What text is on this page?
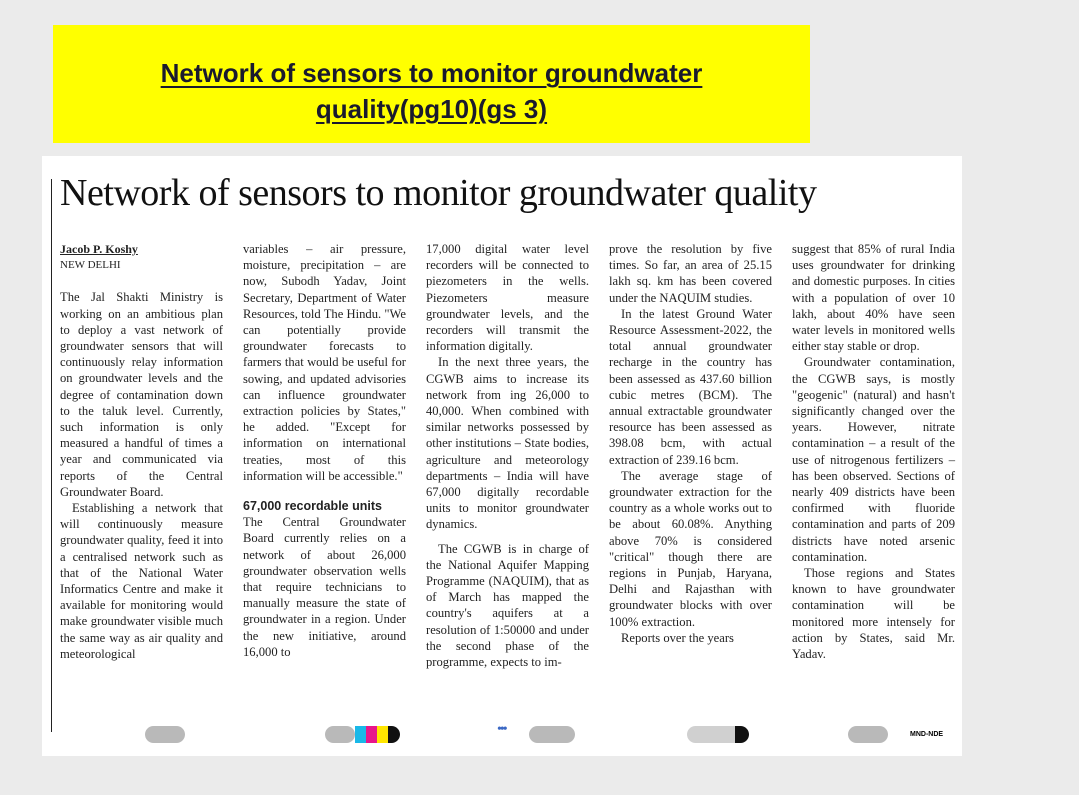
Network of sensors to monitor groundwater
quality(pg10)(gs 3)
Network of sensors to monitor groundwater quality
Jacob P. Koshy
NEW DELHI

The Jal Shakti Ministry is working on an ambitious plan to deploy a vast network of groundwater sensors that will continuously relay information on groundwater levels and the degree of contamination down to the taluk level. Currently, such information is only measured a handful of times a year and communicated via reports of the Central Groundwater Board.

Establishing a network that will continuously measure groundwater quality, feed it into a centralised network such as that of the National Water Informatics Centre and make it available for monitoring would make groundwater visible much the same way as air quality and meteorological

variables – air pressure, moisture, precipitation – are now, Subodh Yadav, Joint Secretary, Department of Water Resources, told The Hindu. "We can potentially provide groundwater forecasts to farmers that would be useful for sowing, and updated advisories can influence groundwater extraction policies by States," he added. "Except for information on international treaties, most of this information will be accessible."

67,000 recordable units

The Central Groundwater Board currently relies on a network of about 26,000 groundwater observation wells that require technicians to manually measure the state of groundwater in a region. Under the new initiative, around 16,000 to

17,000 digital water level recorders will be connected to piezometers in the wells. Piezometers measure groundwater levels, and the recorders will transmit the information digitally.

In the next three years, the CGWB aims to increase its network from ing 26,000 to 40,000. When combined with similar networks possessed by other institutions – State bodies, agriculture and meteorology departments – India will have 67,000 digitally recordable units to monitor groundwater dynamics.

The CGWB is in charge of the National Aquifer Mapping Programme (NAQUIM), that as of March has mapped the country's aquifers at a resolution of 1:50000 and under the second phase of the programme, expects to im-

prove the resolution by five times. So far, an area of 25.15 lakh sq. km has been covered under the NAQUIM studies.

In the latest Ground Water Resource Assessment-2022, the total annual groundwater recharge in the country has been assessed as 437.60 billion cubic metres (BCM). The annual extractable groundwater resource has been assessed as 398.08 bcm, with actual extraction of 239.16 bcm.

The average stage of groundwater extraction for the country as a whole works out to be about 60.08%. Anything above 70% is considered "critical" though there are regions in Punjab, Haryana, Delhi and Rajasthan with groundwater blocks with over 100% extraction.

Reports over the years

suggest that 85% of rural India uses groundwater for drinking and domestic purposes. In cities with a population of over 10 lakh, about 40% have seen water levels in monitored wells either stay stable or drop.

Groundwater contamination, the CGWB says, is mostly "geogenic" (natural) and hasn't significantly changed over the years. However, nitrate contamination – a result of the use of nitrogenous fertilizers – has been observed. Sections of nearly 409 districts have been confirmed with fluoride contamination and parts of 209 districts have noted arsenic contamination.

Those regions and States known to have groundwater contamination will be monitored more intensely for action by States, said Mr. Yadav.

•••	MND-NDE
